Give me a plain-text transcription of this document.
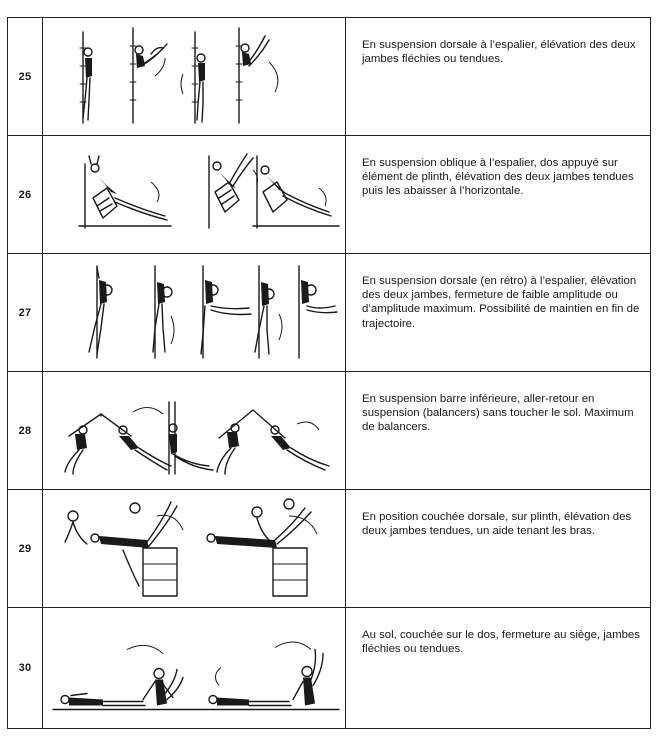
25		En suspension dorsale à l’espalier, élévation des deux jambes fléchies ou tendues.

26		En suspension oblique à l’espalier, dos appuyé sur élément de plinth, élévation des deux jambes tendues puis les abaisser à l’horizontale.

27		En suspension dorsale (en rétro) à l’espalier, élévation des deux jambes, fermeture de faible amplitude ou d’amplitude maximum. Possibilité de maintien en fin de trajectoire.

28		En suspension barre inférieure, aller-retour en suspension (balancers) sans toucher le sol. Maximum de balancers.

29		En position couchée dorsale, sur plinth, élévation des deux jambes tendues, un aide tenant les bras.

30		Au sol, couchée sur le dos, fermeture au siège, jambes fléchies ou tendues.
